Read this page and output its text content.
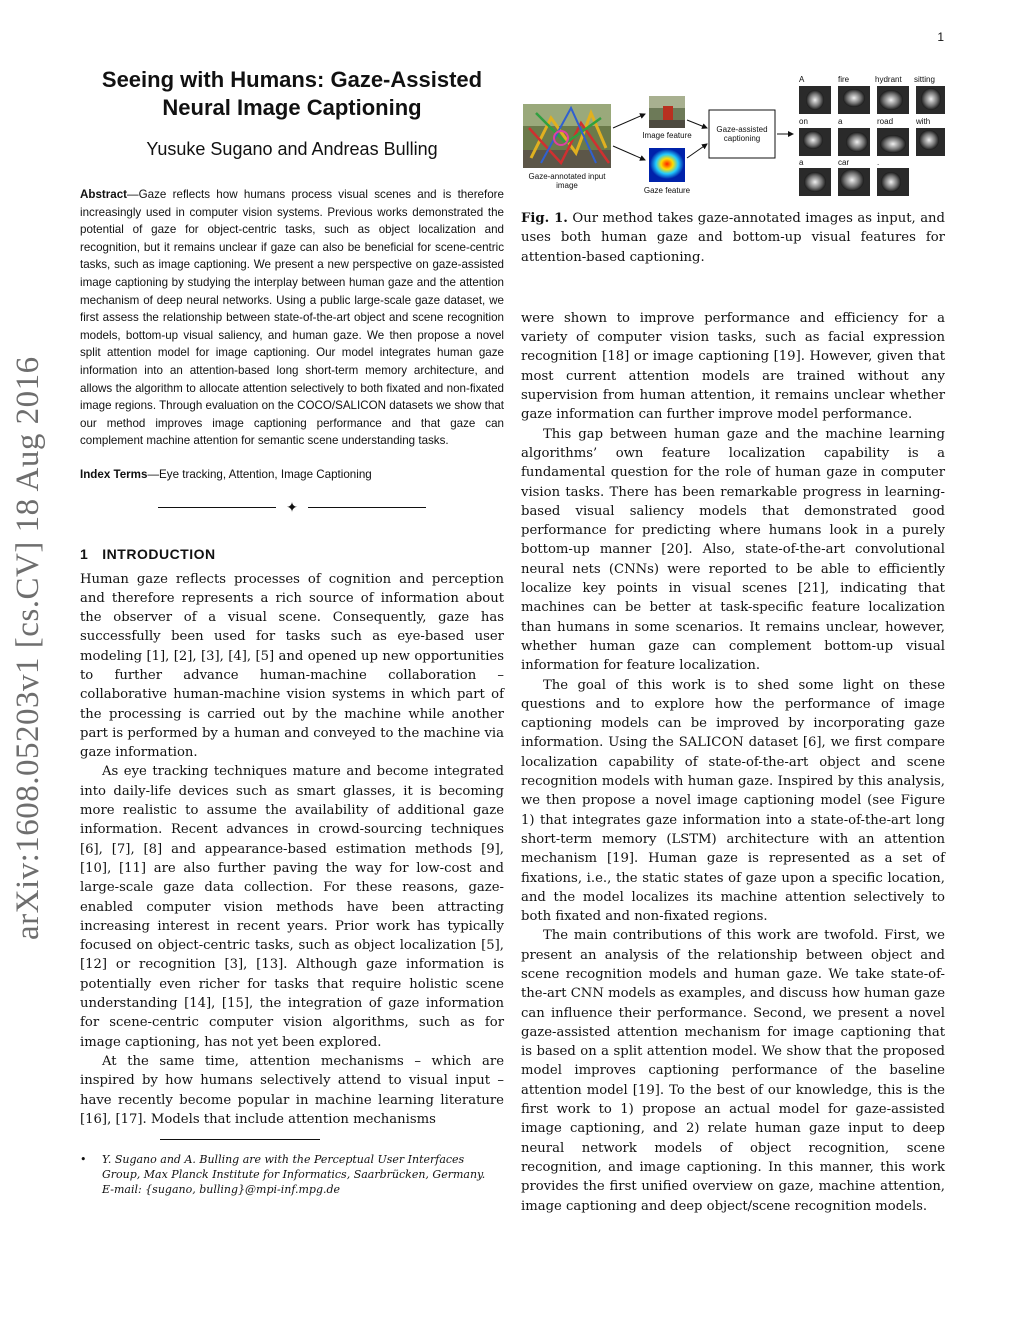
1
arXiv:1608.05203v1 [cs.CV] 18 Aug 2016
Seeing with Humans: Gaze-Assisted Neural Image Captioning
Yusuke Sugano and Andreas Bulling
Abstract—Gaze reflects how humans process visual scenes and is therefore increasingly used in computer vision systems. Previous works demonstrated the potential of gaze for object-centric tasks, such as object localization and recognition, but it remains unclear if gaze can also be beneficial for scene-centric tasks, such as image captioning. We present a new perspective on gaze-assisted image captioning by studying the interplay between human gaze and the attention mechanism of deep neural networks. Using a public large-scale gaze dataset, we first assess the relationship between state-of-the-art object and scene recognition models, bottom-up visual saliency, and human gaze. We then propose a novel split attention model for image captioning. Our model integrates human gaze information into an attention-based long short-term memory architecture, and allows the algorithm to allocate attention selectively to both fixated and non-fixated image regions. Through evaluation on the COCO/SALICON datasets we show that our method improves image captioning performance and that gaze can complement machine attention for semantic scene understanding tasks.
Index Terms—Eye tracking, Attention, Image Captioning
✦
1 INTRODUCTION

Human gaze reflects processes of cognition and perception and therefore represents a rich source of information about the observer of a visual scene. Consequently, gaze has successfully been used for tasks such as eye-based user modeling [1], [2], [3], [4], [5] and opened up new opportunities to further advance human-machine collaboration – collaborative human-machine vision systems in which part of the processing is carried out by the machine while another part is performed by a human and conveyed to the machine via gaze information.

As eye tracking techniques mature and become integrated into daily-life devices such as smart glasses, it is becoming more realistic to assume the availability of additional gaze information. Recent advances in crowd-sourcing techniques [6], [7], [8] and appearance-based estimation methods [9], [10], [11] are also further paving the way for low-cost and large-scale gaze data collection. For these reasons, gaze-enabled computer vision methods have been attracting increasing interest in recent years. Prior work has typically focused on object-centric tasks, such as object localization [5], [12] or recognition [3], [13]. Although gaze information is potentially even richer for tasks that require holistic scene understanding [14], [15], the integration of gaze information for scene-centric computer vision algorithms, such as for image captioning, has not yet been explored.

At the same time, attention mechanisms – which are inspired by how humans selectively attend to visual input – have recently become popular in machine learning literature [16], [17]. Models that include attention mechanisms

• Y. Sugano and A. Bulling are with the Perceptual User Interfaces Group, Max Planck Institute for Informatics, Saarbrücken, Germany.
E-mail: {sugano, bulling}@mpi-inf.mpg.de
Gaze-annotated input image
Image feature
Gaze feature
Gaze-assisted captioning
A	fire	hydrant	sitting
on	a	road	with
a	car	.
Fig. 1. Our method takes gaze-annotated images as input, and uses both human gaze and bottom-up visual features for attention-based captioning.

were shown to improve performance and efficiency for a variety of computer vision tasks, such as facial expression recognition [18] or image captioning [19]. However, given that most current attention models are trained without any supervision from human attention, it remains unclear whether gaze information can further improve model performance.

This gap between human gaze and the machine learning algorithms’ own feature localization capability is a fundamental question for the role of human gaze in computer vision tasks. There has been remarkable progress in learning-based visual saliency models that demonstrated good performance for predicting where humans look in a purely bottom-up manner [20]. Also, state-of-the-art convolutional neural nets (CNNs) were reported to be able to efficiently localize key points in visual scenes [21], indicating that machines can be better at task-specific feature localization than humans in some scenarios. It remains unclear, however, whether human gaze can complement bottom-up visual information for feature localization.

The goal of this work is to shed some light on these questions and to explore how the performance of image captioning models can be improved by incorporating gaze information. Using the SALICON dataset [6], we first compare localization capability of state-of-the-art object and scene recognition models with human gaze. Inspired by this analysis, we then propose a novel image captioning model (see Figure 1) that integrates gaze information into a state-of-the-art long short-term memory (LSTM) architecture with an attention mechanism [19]. Human gaze is represented as a set of fixations, i.e., the static states of gaze upon a specific location, and the model localizes its machine attention selectively to both fixated and non-fixated regions.

The main contributions of this work are twofold. First, we present an analysis of the relationship between object and scene recognition models and human gaze. We take state-of-the-art CNN models as examples, and discuss how human gaze can influence their performance. Second, we present a novel gaze-assisted attention mechanism for image captioning that is based on a split attention model. We show that the proposed model improves captioning performance of the baseline attention model [19]. To the best of our knowledge, this is the first work to 1) propose an actual model for gaze-assisted image captioning, and 2) relate human gaze input to deep neural network models of object recognition, scene recognition, and image captioning. In this manner, this work provides the first unified overview on gaze, machine attention, image captioning and deep object/scene recognition models.
